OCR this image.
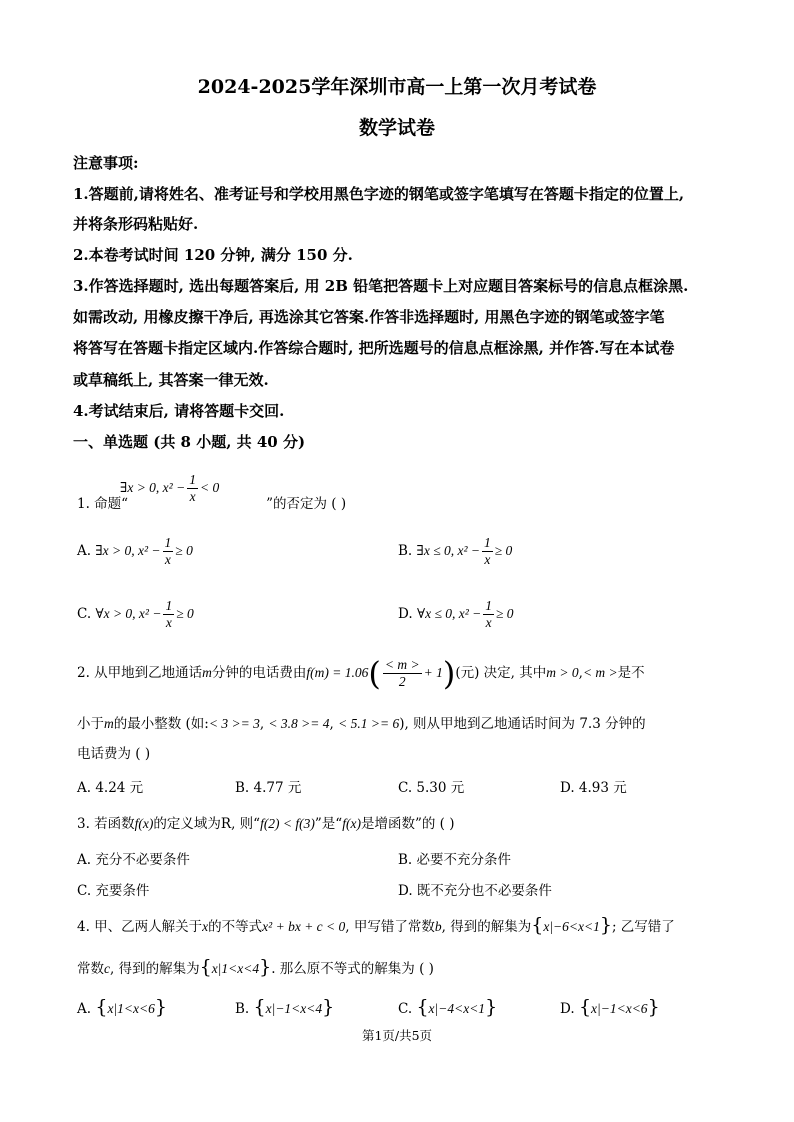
2024-2025学年深圳市高一上第一次月考试卷
数学试卷
注意事项:
1.答题前,请将姓名、准考证号和学校用黑色字迹的钢笔或签字笔填写在答题卡指定的位置上,
并将条形码粘贴好.
2.本卷考试时间 120 分钟, 满分 150 分.
3.作答选择题时, 选出每题答案后, 用 2B 铅笔把答题卡上对应题目答案标号的信息点框涂黑.
如需改动, 用橡皮擦干净后, 再选涂其它答案.作答非选择题时, 用黑色字迹的钢笔或签字笔
将答写在答题卡指定区域内.作答综合题时, 把所选题号的信息点框涂黑, 并作答.写在本试卷
或草稿纸上, 其答案一律无效.
4.考试结束后, 请将答题卡交回.
一、单选题 (共 8 小题, 共 40 分)
∃x > 0, $x^2 - \frac{1}{x} < 0$
1. 命题“	”的否定为 ( )
A. ∃x > 0, $x^2 - \frac{1}{x} \ge 0$	B. ∃x ≤ 0, $x^2 - \frac{1}{x} \ge 0$
C. ∀x > 0, $x^2 - \frac{1}{x} \ge 0$	D. ∀x ≤ 0, $x^2 - \frac{1}{x} \ge 0$
2. 从甲地到乙地通话m分钟的电话费由$f(m) = 1.06( \frac{< m >}{2} + 1)$(元) 决定, 其中m > 0,< m >是不
小于m的最小整数 (如:< 3 >= 3, < 3.8 >= 4, < 5.1 >= 6), 则从甲地到乙地通话时间为 7.3 分钟的
电话费为 ( )
A. 4.24 元	B. 4.77 元	C. 5.30 元	D. 4.93 元
3. 若函数f(x)的定义域为R, 则“f(2) < f(3)”是“f(x)是增函数”的 ( )
A. 充分不必要条件	B. 必要不充分条件
C. 充要条件	D. 既不充分也不必要条件
4. 甲、乙两人解关于x的不等式x² + bx + c < 0, 甲写错了常数b, 得到的解集为{x|−6<x<1}; 乙写错了
常数c, 得到的解集为{x|1<x<4}. 那么原不等式的解集为 ( )
A. {x|1<x<6}	B. {x|−1<x<4}	C. {x|−4<x<1}	D. {x|−1<x<6}
第1页/共5页
